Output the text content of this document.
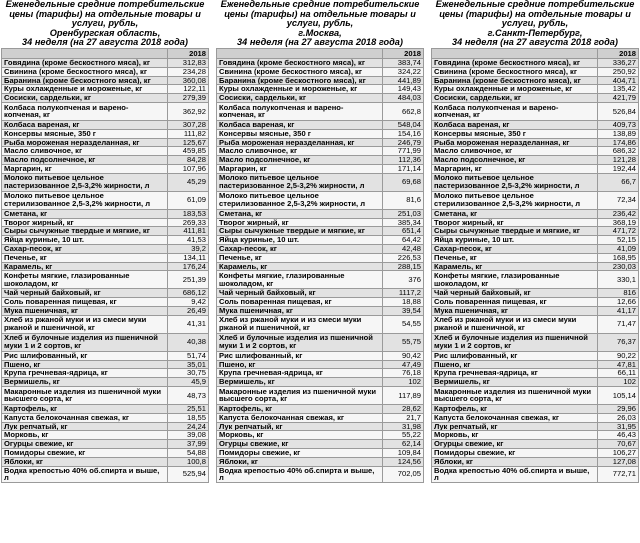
Еженедельные средние потребительские
цены (тарифы) на отдельные товары и
услуги, рубль,
Оренбургская область,
34 неделя (на 27 августа 2018 года)
	2018
Говядина (кроме бескостного мяса), кг	312,83
Свинина (кроме бескостного мяса), кг	234,28
Баранина (кроме бескостного мяса), кг	360,08
Куры охлажденные и мороженые, кг	122,11
Сосиски, сардельки, кг	279,39
Колбаса полукопченая и варено-копченая, кг	362,92
Колбаса вареная, кг	307,28
Консервы мясные, 350 г	111,82
Рыба мороженая неразделанная, кг	125,67
Масло сливочное, кг	459,85
Масло подсолнечное, кг	84,28
Маргарин, кг	107,96
Молоко питьевое цельное пастеризованное 2,5-3,2% жирности, л	45,29
Молоко питьевое цельное стерилизованное 2,5-3,2% жирности, л	61,09
Сметана, кг	183,53
Творог жирный, кг	269,33
Сыры сычужные твердые и мягкие, кг	411,81
Яйца куриные, 10 шт.	41,53
Сахар-песок, кг	39,2
Печенье, кг	134,11
Карамель, кг	176,24
Конфеты мягкие, глазированные шоколадом, кг	251,39
Чай черный байховый, кг	686,12
Соль поваренная пищевая, кг	9,42
Мука пшеничная, кг	26,49
Хлеб из ржаной муки и из смеси муки ржаной и пшеничной, кг	41,31
Хлеб и булочные изделия из пшеничной муки 1 и 2 сортов, кг	40,38
Рис шлифованный, кг	51,74
Пшено, кг	35,01
Крупа гречневая-ядрица, кг	30,75
Вермишель, кг	45,9
Макаронные изделия из пшеничной муки высшего сорта, кг	48,73
Картофель, кг	25,51
Капуста белокочанная свежая, кг	18,55
Лук репчатый, кг	24,24
Морковь, кг	39,08
Огурцы свежие, кг	37,99
Помидоры свежие, кг	54,88
Яблоки, кг	100,8
Водка крепостью 40% об.спирта и выше, л	525,94
Еженедельные средние потребительские
цены (тарифы) на отдельные товары и
услуги, рубль,
г.Москва,
34 неделя (на 27 августа 2018 года)
	2018
Говядина (кроме бескостного мяса), кг	383,74
Свинина (кроме бескостного мяса), кг	324,22
Баранина (кроме бескостного мяса), кг	441,89
Куры охлажденные и мороженые, кг	149,43
Сосиски, сардельки, кг	484,03
Колбаса полукопченая и варено-копченая, кг	662,8
Колбаса вареная, кг	548,04
Консервы мясные, 350 г	154,16
Рыба мороженая неразделанная, кг	246,79
Масло сливочное, кг	771,99
Масло подсолнечное, кг	112,36
Маргарин, кг	171,14
Молоко питьевое цельное пастеризованное 2,5-3,2% жирности, л	69,68
Молоко питьевое цельное стерилизованное 2,5-3,2% жирности, л	81,6
Сметана, кг	251,03
Творог жирный, кг	385,34
Сыры сычужные твердые и мягкие, кг	651,4
Яйца куриные, 10 шт.	64,42
Сахар-песок, кг	42,48
Печенье, кг	226,53
Карамель, кг	288,15
Конфеты мягкие, глазированные шоколадом, кг	376
Чай черный байховый, кг	1117,2
Соль поваренная пищевая, кг	18,88
Мука пшеничная, кг	39,54
Хлеб из ржаной муки и из смеси муки ржаной и пшеничной, кг	54,55
Хлеб и булочные изделия из пшеничной муки 1 и 2 сортов, кг	55,75
Рис шлифованный, кг	90,42
Пшено, кг	47,49
Крупа гречневая-ядрица, кг	76,18
Вермишель, кг	102
Макаронные изделия из пшеничной муки высшего сорта, кг	117,89
Картофель, кг	28,62
Капуста белокочанная свежая, кг	21,7
Лук репчатый, кг	31,98
Морковь, кг	55,22
Огурцы свежие, кг	62,14
Помидоры свежие, кг	109,84
Яблоки, кг	124,56
Водка крепостью 40% об.спирта и выше, л	702,05
Еженедельные средние потребительские
цены (тарифы) на отдельные товары и
услуги, рубль,
г.Санкт-Петербург,
34 неделя (на 27 августа 2018 года)
	2018
Говядина (кроме бескостного мяса), кг	336,27
Свинина (кроме бескостного мяса), кг	250,92
Баранина (кроме бескостного мяса), кг	404,71
Куры охлажденные и мороженые, кг	135,42
Сосиски, сардельки, кг	421,79
Колбаса полукопченая и варено-копченая, кг	526,84
Колбаса вареная, кг	409,73
Консервы мясные, 350 г	138,89
Рыба мороженая неразделанная, кг	174,86
Масло сливочное, кг	686,32
Масло подсолнечное, кг	121,28
Маргарин, кг	192,44
Молоко питьевое цельное пастеризованное 2,5-3,2% жирности, л	66,7
Молоко питьевое цельное стерилизованное 2,5-3,2% жирности, л	72,34
Сметана, кг	236,42
Творог жирный, кг	368,19
Сыры сычужные твердые и мягкие, кг	471,72
Яйца куриные, 10 шт.	52,15
Сахар-песок, кг	41,09
Печенье, кг	168,95
Карамель, кг	230,03
Конфеты мягкие, глазированные шоколадом, кг	330,1
Чай черный байховый, кг	816
Соль поваренная пищевая, кг	12,66
Мука пшеничная, кг	41,17
Хлеб из ржаной муки и из смеси муки ржаной и пшеничной, кг	71,47
Хлеб и булочные изделия из пшеничной муки 1 и 2 сортов, кг	76,37
Рис шлифованный, кг	90,22
Пшено, кг	47,81
Крупа гречневая-ядрица, кг	66,11
Вермишель, кг	102
Макаронные изделия из пшеничной муки высшего сорта, кг	105,14
Картофель, кг	29,96
Капуста белокочанная свежая, кг	26,03
Лук репчатый, кг	31,95
Морковь, кг	46,43
Огурцы свежие, кг	70,67
Помидоры свежие, кг	106,27
Яблоки, кг	127,08
Водка крепостью 40% об.спирта и выше, л	772,71
